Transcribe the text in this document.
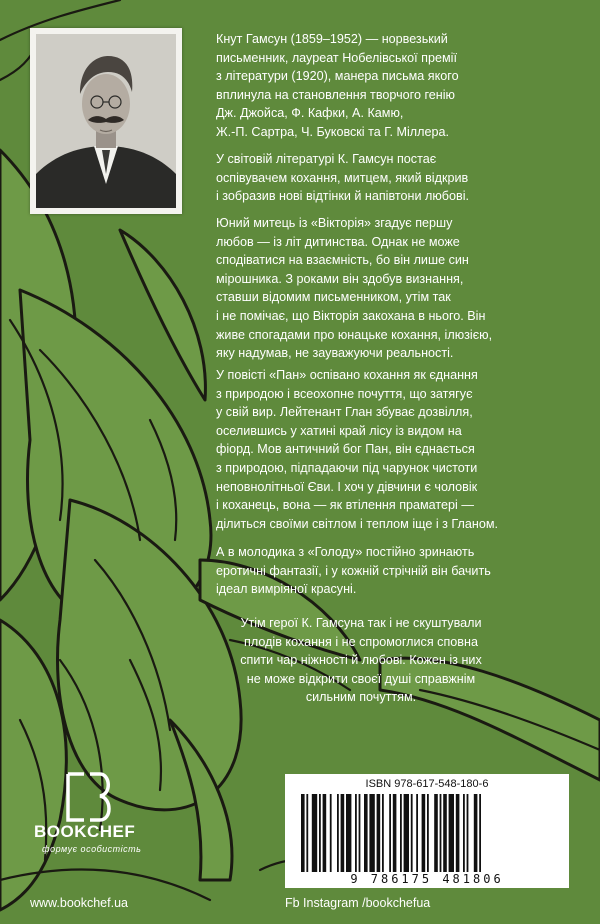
Кнут Гамсун (1859–1952) — норвезький
письменник, лауреат Нобелівської премії
з літератури (1920), манера письма якого
вплинула на становлення творчого генію
Дж. Джойса, Ф. Кафки, А. Камю,
Ж.-П. Сартра, Ч. Буковскі та Г. Міллера.
У світовій літературі К. Гамсун постає
оспівувачем кохання, митцем, який відкрив
і зобразив нові відтінки й напівтони любові.
Юний митець із «Вікторія» згадує першу
любов — із літ дитинства. Однак не може
сподіватися на взаємність, бо він лише син
мірошника. З роками він здобув визнання,
ставши відомим письменником, утім так
і не помічає, що Вікторія закохана в нього. Він
живе спогадами про юнацьке кохання, ілюзією,
яку надумав, не зауважуючи реальності.
У повісті «Пан» оспівано кохання як єднання
з природою і всеохопне почуття, що затягує
у свій вир. Лейтенант Глан збуває дозвілля,
оселившись у хатині край лісу із видом на
фіорд. Мов античний бог Пан, він єднається
з природою, підпадаючи під чарунок чистоти
неповнолітньої Єви. І хоч у дівчини є чоловік
і коханець, вона — як втілення праматері —
ділиться своїми світлом і теплом іще і з Гланом.
А в молодика з «Голоду» постійно зринають
еротичні фантазії, і у кожній стрічній він бачить
ідеал вимріяної красуні.
Утім герої К. Гамсуна так і не скуштували
плодів кохання і не спромоглися сповна
спити чар ніжності й любові. Кожен із них
не може відкрити своєї душі справжнім
сильним почуттям.
BOOKCHEF
формує особистість
ISBN 978-617-548-180-6
9 786175 481806
www.bookchef.ua	Fb Instagram /bookchefua
